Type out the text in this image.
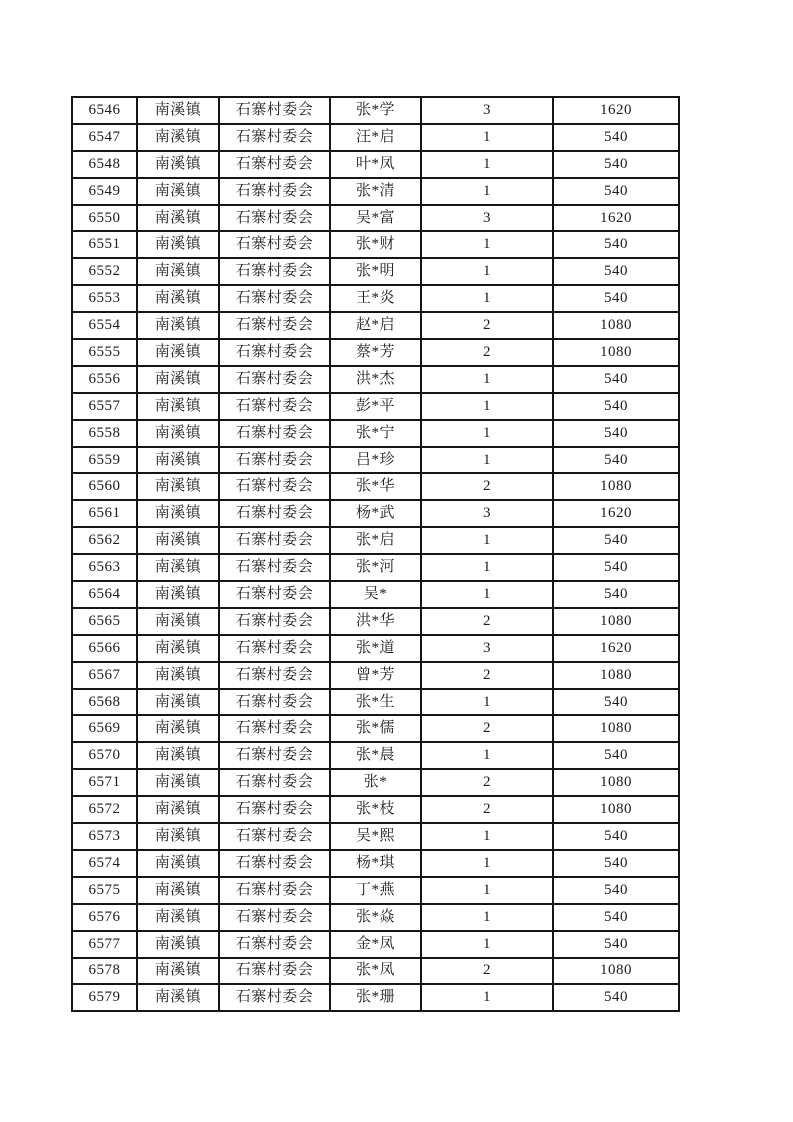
6546	南溪镇	石寨村委会	张*学	3	1620
6547	南溪镇	石寨村委会	汪*启	1	540
6548	南溪镇	石寨村委会	叶*凤	1	540
6549	南溪镇	石寨村委会	张*清	1	540
6550	南溪镇	石寨村委会	吴*富	3	1620
6551	南溪镇	石寨村委会	张*财	1	540
6552	南溪镇	石寨村委会	张*明	1	540
6553	南溪镇	石寨村委会	王*炎	1	540
6554	南溪镇	石寨村委会	赵*启	2	1080
6555	南溪镇	石寨村委会	蔡*芳	2	1080
6556	南溪镇	石寨村委会	洪*杰	1	540
6557	南溪镇	石寨村委会	彭*平	1	540
6558	南溪镇	石寨村委会	张*宁	1	540
6559	南溪镇	石寨村委会	吕*珍	1	540
6560	南溪镇	石寨村委会	张*华	2	1080
6561	南溪镇	石寨村委会	杨*武	3	1620
6562	南溪镇	石寨村委会	张*启	1	540
6563	南溪镇	石寨村委会	张*河	1	540
6564	南溪镇	石寨村委会	吴*	1	540
6565	南溪镇	石寨村委会	洪*华	2	1080
6566	南溪镇	石寨村委会	张*道	3	1620
6567	南溪镇	石寨村委会	曾*芳	2	1080
6568	南溪镇	石寨村委会	张*生	1	540
6569	南溪镇	石寨村委会	张*儒	2	1080
6570	南溪镇	石寨村委会	张*晨	1	540
6571	南溪镇	石寨村委会	张*	2	1080
6572	南溪镇	石寨村委会	张*枝	2	1080
6573	南溪镇	石寨村委会	吴*熙	1	540
6574	南溪镇	石寨村委会	杨*琪	1	540
6575	南溪镇	石寨村委会	丁*燕	1	540
6576	南溪镇	石寨村委会	张*焱	1	540
6577	南溪镇	石寨村委会	金*凤	1	540
6578	南溪镇	石寨村委会	张*凤	2	1080
6579	南溪镇	石寨村委会	张*珊	1	540
